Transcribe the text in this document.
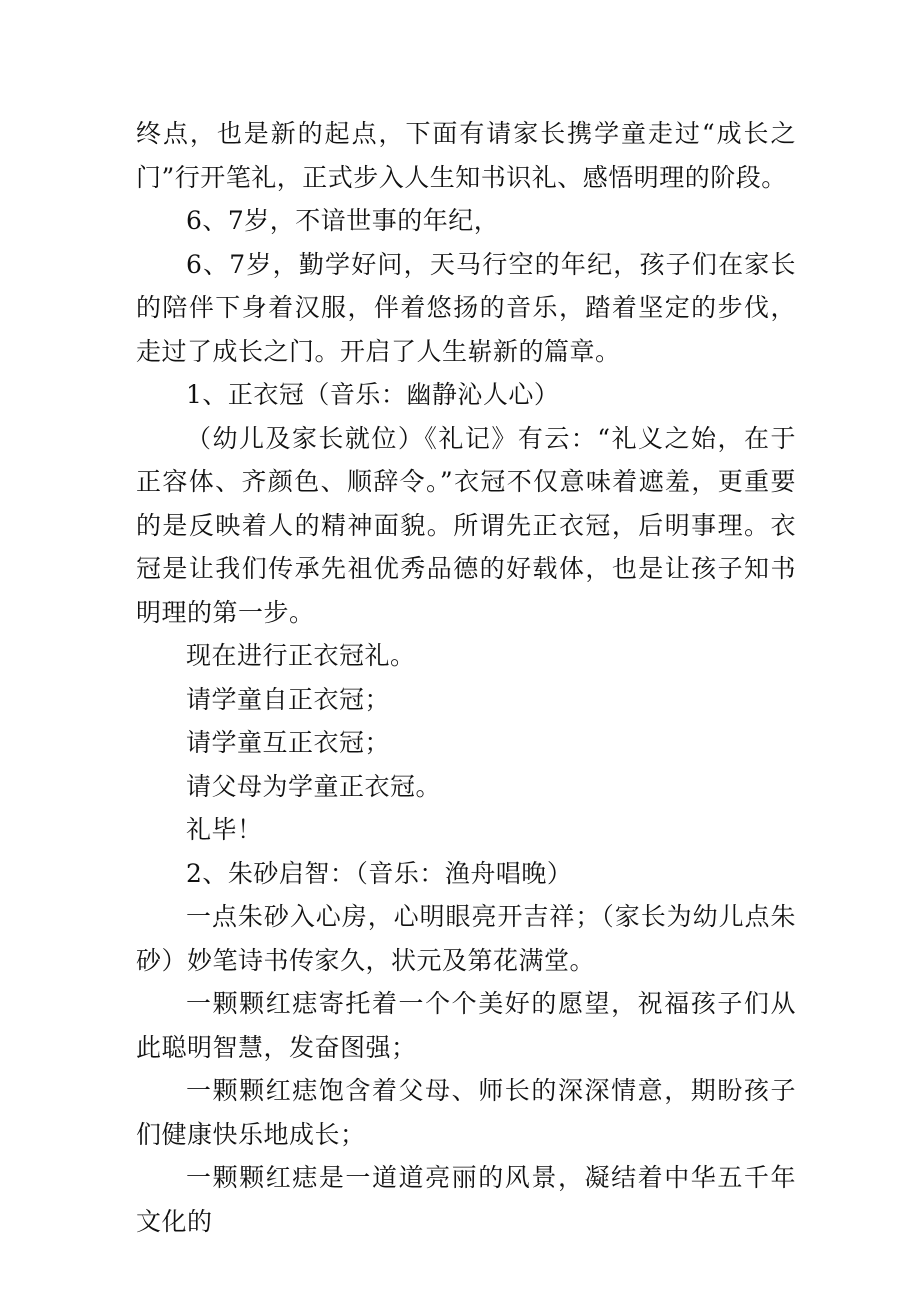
终点，也是新的起点，下面有请家长携学童走过“成长之门”行开笔礼，正式步入人生知书识礼、感悟明理的阶段。

6、7岁，不谙世事的年纪，

6、7岁，勤学好问，天马行空的年纪，孩子们在家长的陪伴下身着汉服，伴着悠扬的音乐，踏着坚定的步伐，走过了成长之门。开启了人生崭新的篇章。

1、正衣冠（音乐：幽静沁人心）

（幼儿及家长就位）《礼记》有云：“礼义之始，在于正容体、齐颜色、顺辞令。”衣冠不仅意味着遮羞，更重要的是反映着人的精神面貌。所谓先正衣冠，后明事理。衣冠是让我们传承先祖优秀品德的好载体，也是让孩子知书明理的第一步。

现在进行正衣冠礼。

请学童自正衣冠；

请学童互正衣冠；

请父母为学童正衣冠。

礼毕！

2、朱砂启智：（音乐：渔舟唱晚）

一点朱砂入心房，心明眼亮开吉祥；（家长为幼儿点朱砂）妙笔诗书传家久，状元及第花满堂。

一颗颗红痣寄托着一个个美好的愿望，祝福孩子们从此聪明智慧，发奋图强；

一颗颗红痣饱含着父母、师长的深深情意，期盼孩子们健康快乐地成长；

一颗颗红痣是一道道亮丽的风景，凝结着中华五千年文化的
